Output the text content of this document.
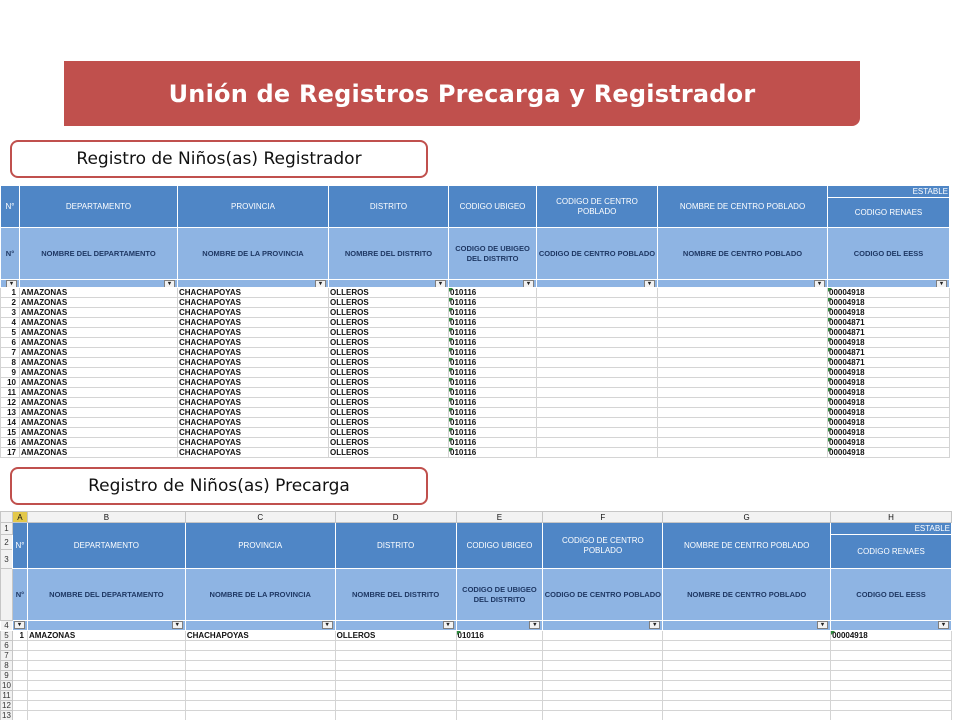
Unión de Registros Precarga y Registrador
Registro de Niños(as) Registrador
N°	DEPARTAMENTO	PROVINCIA	DISTRITO	CODIGO UBIGEO	CODIGO DE CENTRO POBLADO	NOMBRE DE CENTRO POBLADO	ESTABLE
							CODIGO RENAES
N°	NOMBRE DEL DEPARTAMENTO	NOMBRE DE LA PROVINCIA	NOMBRE DEL DISTRITO	CODIGO DE UBIGEO DEL DISTRITO	CODIGO DE CENTRO POBLADO	NOMBRE DE CENTRO POBLADO	CODIGO DEL EESS

▾	▾	▾	▾	▾	▾	▾	▾

1	AMAZONAS	CHACHAPOYAS	OLLEROS	010116			00004918
2	AMAZONAS	CHACHAPOYAS	OLLEROS	010116			00004918
3	AMAZONAS	CHACHAPOYAS	OLLEROS	010116			00004918
4	AMAZONAS	CHACHAPOYAS	OLLEROS	010116			00004871
5	AMAZONAS	CHACHAPOYAS	OLLEROS	010116			00004871
6	AMAZONAS	CHACHAPOYAS	OLLEROS	010116			00004918
7	AMAZONAS	CHACHAPOYAS	OLLEROS	010116			00004871
8	AMAZONAS	CHACHAPOYAS	OLLEROS	010116			00004871
9	AMAZONAS	CHACHAPOYAS	OLLEROS	010116			00004918
10	AMAZONAS	CHACHAPOYAS	OLLEROS	010116			00004918
11	AMAZONAS	CHACHAPOYAS	OLLEROS	010116			00004918
12	AMAZONAS	CHACHAPOYAS	OLLEROS	010116			00004918
13	AMAZONAS	CHACHAPOYAS	OLLEROS	010116			00004918
14	AMAZONAS	CHACHAPOYAS	OLLEROS	010116			00004918
15	AMAZONAS	CHACHAPOYAS	OLLEROS	010116			00004918
16	AMAZONAS	CHACHAPOYAS	OLLEROS	010116			00004918
17	AMAZONAS	CHACHAPOYAS	OLLEROS	010116			00004918
Registro de Niños(as) Precarga
	A	B	C	D	E	F	G	H
1	N°	DEPARTAMENTO	PROVINCIA	DISTRITO	CODIGO UBIGEO	CODIGO DE CENTRO POBLADO	NOMBRE DE CENTRO POBLADO	ESTABLE
2								CODIGO RENAES
3								
	N°	NOMBRE DEL DEPARTAMENTO	NOMBRE DE LA PROVINCIA	NOMBRE DEL DISTRITO	CODIGO DE UBIGEO DEL DISTRITO	CODIGO DE CENTRO POBLADO	NOMBRE DE CENTRO POBLADO	CODIGO DEL EESS
4	▾	▾	▾	▾	▾	▾	▾	▾

5	1	AMAZONAS	CHACHAPOYAS	OLLEROS	010116			00004918
6								
7								
8								
9								
10								
11								
12								
13								
